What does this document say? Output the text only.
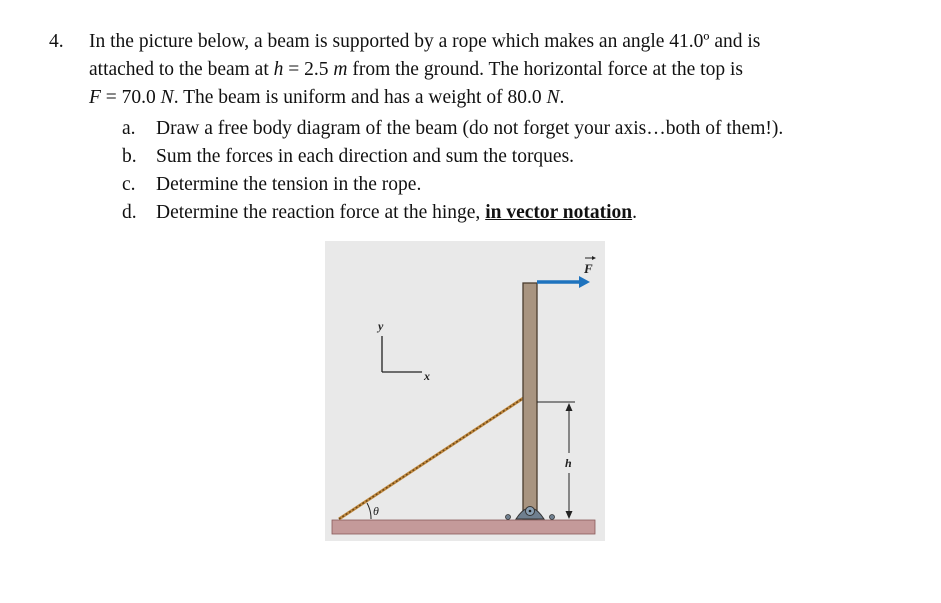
4. In the picture below, a beam is supported by a rope which makes an angle 41.0º and is
attached to the beam at h = 2.5 m from the ground. The horizontal force at the top is
F = 70.0 N. The beam is uniform and has a weight of 80.0 N.
a. Draw a free body diagram of the beam (do not forget your axis…both of them!).
b. Sum the forces in each direction and sum the torques.
c. Determine the tension in the rope.
d. Determine the reaction force at the hinge, in vector notation.
y
x
θ
F
h
